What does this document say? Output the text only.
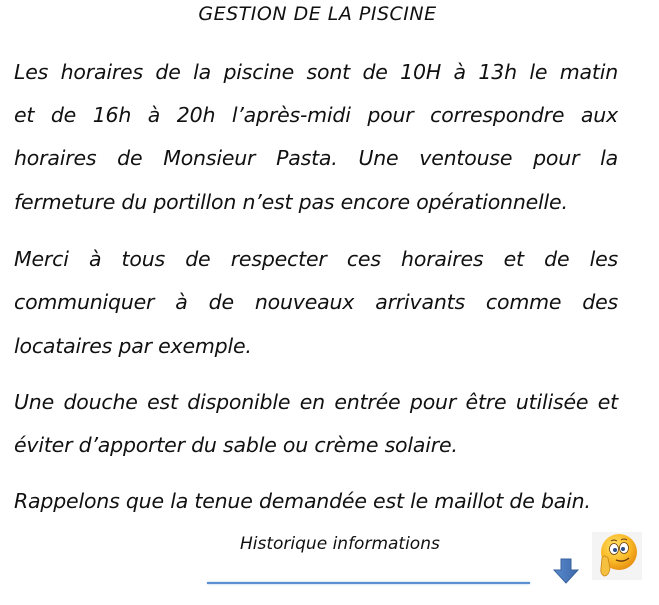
GESTION DE LA PISCINE
Les horaires de la piscine sont de 10H à 13h le matin
et de 16h à 20h l’après-midi pour correspondre aux
horaires de Monsieur Pasta. Une ventouse pour la
fermeture du portillon n’est pas encore opérationnelle.
Merci à tous de respecter ces horaires et de les
communiquer à de nouveaux arrivants comme des
locataires par exemple.
Une douche est disponible en entrée pour être utilisée et
éviter d’apporter du sable ou crème solaire.
Rappelons que la tenue demandée est le maillot de bain.
Historique informations
